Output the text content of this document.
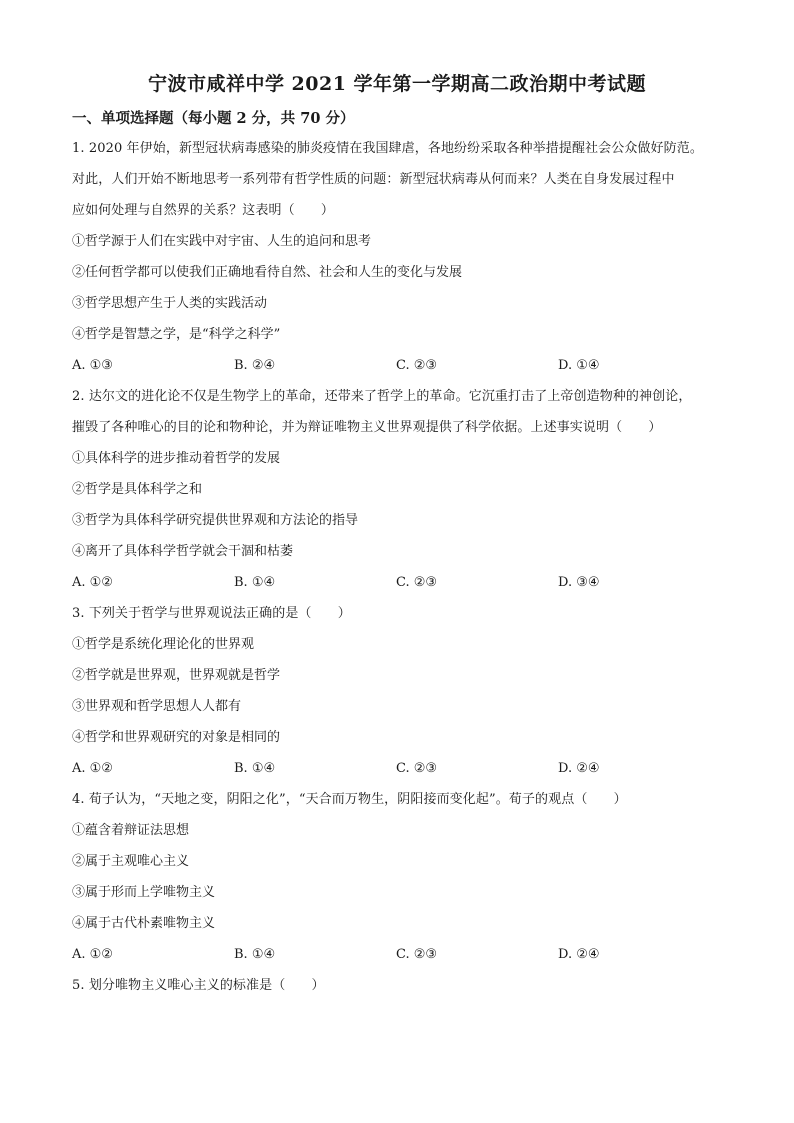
宁波市咸祥中学 2021 学年第一学期高二政治期中考试题
一、单项选择题（每小题 2 分，共 70 分）
1. 2020 年伊始，新型冠状病毒感染的肺炎疫情在我国肆虐，各地纷纷采取各种举措提醒社会公众做好防范。
对此，人们开始不断地思考一系列带有哲学性质的问题：新型冠状病毒从何而来？人类在自身发展过程中
应如何处理与自然界的关系？这表明（　　）
①哲学源于人们在实践中对宇宙、人生的追问和思考
②任何哲学都可以使我们正确地看待自然、社会和人生的变化与发展
③哲学思想产生于人类的实践活动
④哲学是智慧之学，是“科学之科学”
A. ①③	B. ②④	C. ②③	D. ①④
2. 达尔文的进化论不仅是生物学上的革命，还带来了哲学上的革命。它沉重打击了上帝创造物种的神创论，
摧毁了各种唯心的目的论和物种论，并为辩证唯物主义世界观提供了科学依据。上述事实说明（　　）
①具体科学的进步推动着哲学的发展
②哲学是具体科学之和
③哲学为具体科学研究提供世界观和方法论的指导
④离开了具体科学哲学就会干涸和枯萎
A. ①②	B. ①④	C. ②③	D. ③④
3. 下列关于哲学与世界观说法正确的是（　　）
①哲学是系统化理论化的世界观
②哲学就是世界观，世界观就是哲学
③世界观和哲学思想人人都有
④哲学和世界观研究的对象是相同的
A. ①②	B. ①④	C. ②③	D. ②④
4. 荀子认为，“天地之变，阴阳之化”，“天合而万物生，阴阳接而变化起”。荀子的观点（　　）
①蕴含着辩证法思想
②属于主观唯心主义
③属于形而上学唯物主义
④属于古代朴素唯物主义
A. ①②	B. ①④	C. ②③	D. ②④
5. 划分唯物主义唯心主义的标准是（　　）
